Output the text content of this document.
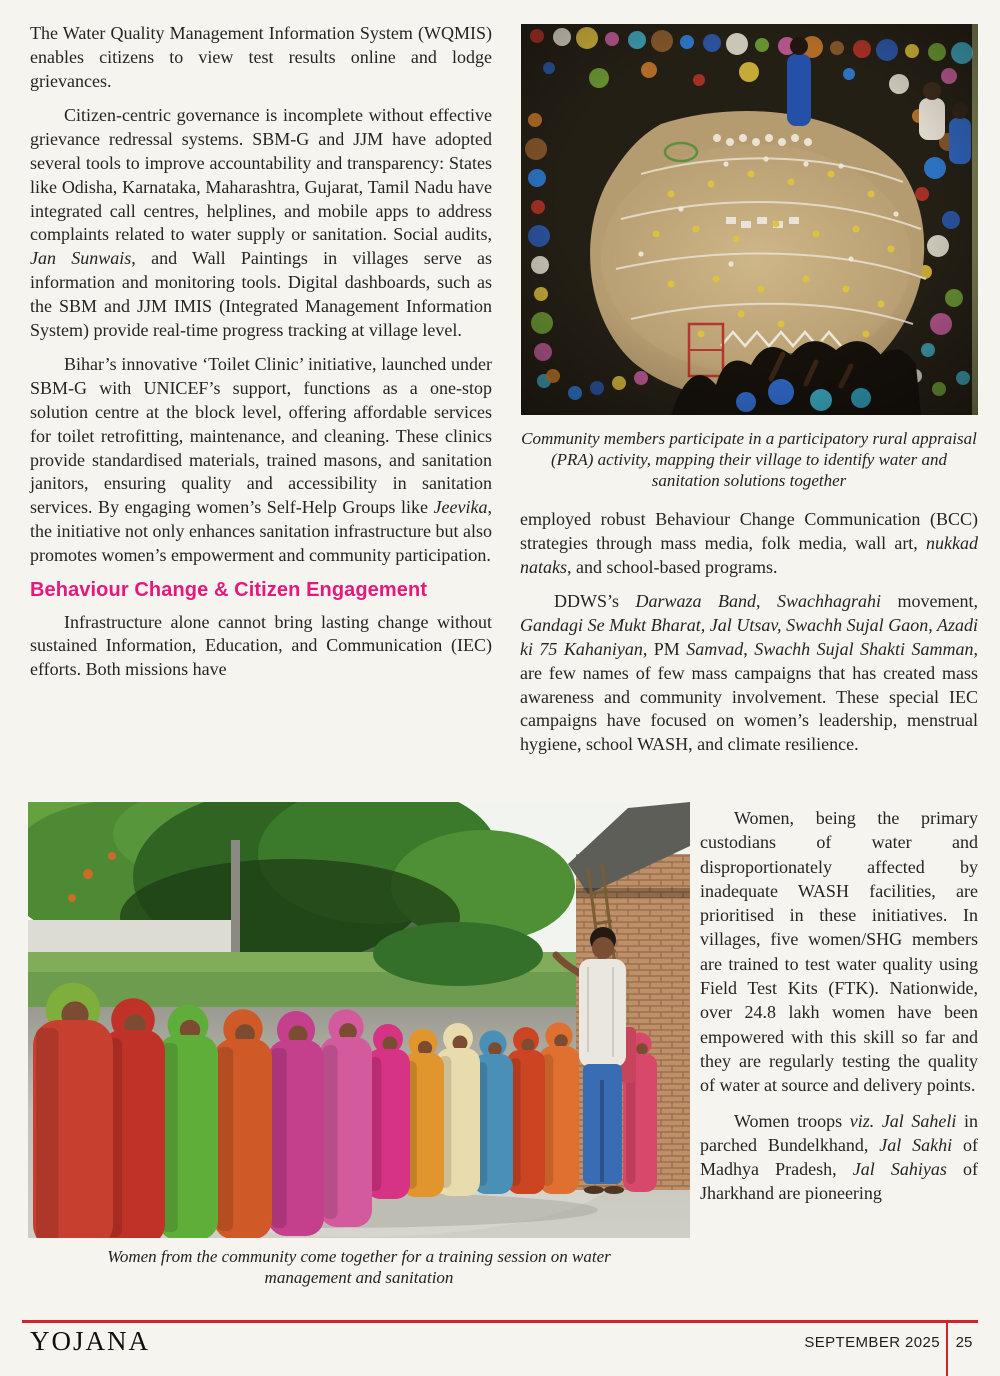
The Water Quality Management Information System (WQMIS) enables citizens to view test results online and lodge grievances.

Citizen-centric governance is incomplete without effective grievance redressal systems. SBM-G and JJM have adopted several tools to improve accountability and transparency: States like Odisha, Karnataka, Maharashtra, Gujarat, Tamil Nadu have integrated call centres, helplines, and mobile apps to address complaints related to water supply or sanitation. Social audits, Jan Sunwais, and Wall Paintings in villages serve as information and monitoring tools. Digital dashboards, such as the SBM and JJM IMIS (Integrated Management Information System) provide real-time progress tracking at village level.

Bihar’s innovative ‘Toilet Clinic’ initiative, launched under SBM-G with UNICEF’s support, functions as a one-stop solution centre at the block level, offering affordable services for toilet retrofitting, maintenance, and cleaning. These clinics provide standardised materials, trained masons, and sanitation janitors, ensuring quality and accessibility in sanitation services. By engaging women’s Self-Help Groups like Jeevika, the initiative not only enhances sanitation infrastructure but also promotes women’s empowerment and community participation.

Behaviour Change & Citizen Engagement

Infrastructure alone cannot bring lasting change without sustained Information, Education, and Communication (IEC) efforts. Both missions have

Community members participate in a participatory rural appraisal (PRA) activity, mapping their village to identify water and sanitation solutions together

employed robust Behaviour Change Communication (BCC) strategies through mass media, folk media, wall art, nukkad nataks, and school-based programs.

DDWS’s Darwaza Band, Swachhagrahi movement, Gandagi Se Mukt Bharat, Jal Utsav, Swachh Sujal Gaon, Azadi ki 75 Kahaniyan, PM Samvad, Swachh Sujal Shakti Samman, are few names of few mass campaigns that has created mass awareness and community involvement. These special IEC campaigns have focused on women’s leadership, menstrual hygiene, school WASH, and climate resilience.

Women, being the primary custodians of water and disproportionately affected by inadequate WASH facilities, are prioritised in these initiatives. In villages, five women/SHG members are trained to test water quality using Field Test Kits (FTK). Nationwide, over 24.8 lakh women have been empowered with this skill so far and they are regularly testing the quality of water at source and delivery points.

Women troops viz. Jal Saheli in parched Bundelkhand, Jal Sakhi of Madhya Pradesh, Jal Sahiyas of Jharkhand are pioneering

Women from the community come together for a training session on water management and sanitation
YOJANA	SEPTEMBER 2025	25
